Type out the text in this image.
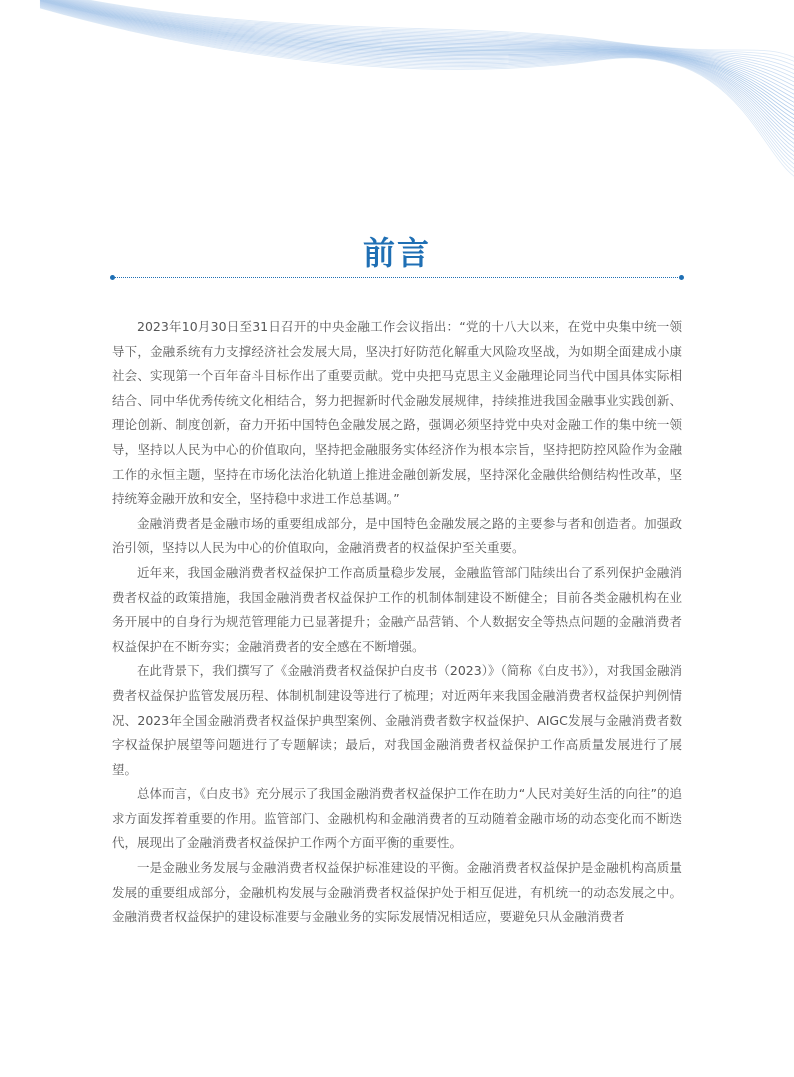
前言

2023年10月30日至31日召开的中央金融工作会议指出：“党的十八大以来，在党中央集中统一领导下，金融系统有力支撑经济社会发展大局，坚决打好防范化解重大风险攻坚战，为如期全面建成小康社会、实现第一个百年奋斗目标作出了重要贡献。党中央把马克思主义金融理论同当代中国具体实际相结合、同中华优秀传统文化相结合，努力把握新时代金融发展规律，持续推进我国金融事业实践创新、理论创新、制度创新，奋力开拓中国特色金融发展之路，强调必须坚持党中央对金融工作的集中统一领导，坚持以人民为中心的价值取向，坚持把金融服务实体经济作为根本宗旨，坚持把防控风险作为金融工作的永恒主题，坚持在市场化法治化轨道上推进金融创新发展，坚持深化金融供给侧结构性改革，坚持统筹金融开放和安全，坚持稳中求进工作总基调。”

金融消费者是金融市场的重要组成部分，是中国特色金融发展之路的主要参与者和创造者。加强政治引领，坚持以人民为中心的价值取向，金融消费者的权益保护至关重要。

近年来，我国金融消费者权益保护工作高质量稳步发展，金融监管部门陆续出台了系列保护金融消费者权益的政策措施，我国金融消费者权益保护工作的机制体制建设不断健全；目前各类金融机构在业务开展中的自身行为规范管理能力已显著提升；金融产品营销、个人数据安全等热点问题的金融消费者权益保护在不断夯实；金融消费者的安全感在不断增强。

在此背景下，我们撰写了《金融消费者权益保护白皮书（2023）》（简称《白皮书》），对我国金融消费者权益保护监管发展历程、体制机制建设等进行了梳理；对近两年来我国金融消费者权益保护判例情况、2023年全国金融消费者权益保护典型案例、金融消费者数字权益保护、AIGC发展与金融消费者数字权益保护展望等问题进行了专题解读；最后，对我国金融消费者权益保护工作高质量发展进行了展望。

总体而言，《白皮书》充分展示了我国金融消费者权益保护工作在助力“人民对美好生活的向往”的追求方面发挥着重要的作用。监管部门、金融机构和金融消费者的互动随着金融市场的动态变化而不断迭代，展现出了金融消费者权益保护工作两个方面平衡的重要性。

一是金融业务发展与金融消费者权益保护标准建设的平衡。金融消费者权益保护是金融机构高质量发展的重要组成部分，金融机构发展与金融消费者权益保护处于相互促进，有机统一的动态发展之中。金融消费者权益保护的建设标准要与金融业务的实际发展情况相适应，要避免只从金融消费者
